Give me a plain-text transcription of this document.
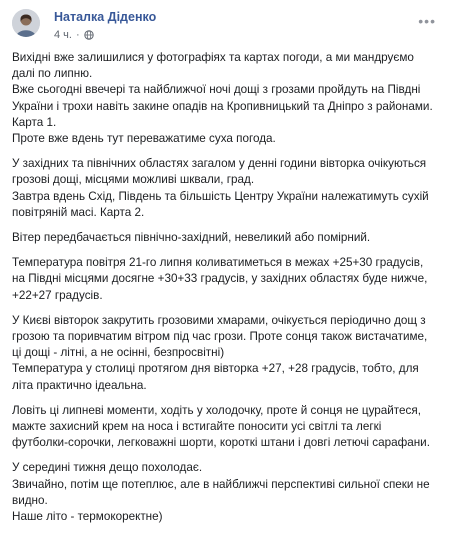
Наталка Діденко
4 ч. ·
•••

Вихідні вже залишилися у фотографіях та картах погоди, а ми мандруємо далі по липню.
Вже сьогодні ввечері та найближчої ночі дощі з грозами пройдуть на Півдні України і трохи навіть закине опадів на Кропивницький та Дніпро з районами. Карта 1.
Проте вже вдень тут переважатиме суха погода.

У західних та північних областях загалом у денні години вівторка очікуються грозові дощі, місцями можливі шквали, град.
Завтра вдень Схід, Південь та більшість Центру України належатимуть сухій повітряній масі. Карта 2.

Вітер передбачається північно-західний, невеликий або помірний.

Температура повітря 21-го липня коливатиметься в межах +25+30 градусів, на Півдні місцями досягне +30+33 градусів, у західних областях буде нижче, +22+27 градусів.

У Києві вівторок закрутить грозовими хмарами, очікується періодично дощ з грозою та поривчатим вітром під час грози. Проте сонця також вистачатиме, ці дощі - літні, а не осінні, безпросвітні)
Температура у столиці протягом дня вівторка +27, +28 градусів, тобто, для літа практично ідеальна.

Ловіть ці липневі моменти, ходіть у холодочку, проте й сонця не цурайтеся, мажте захисний крем на носа і встигайте поносити усі світлі та легкі футболки-сорочки, легковажні шорти, короткі штани і довгі летючі сарафани.

У середині тижня дещо похолодає.
Звичайно, потім ще потеплює, але в найближчі перспективі сильної спеки не видно.
Наше літо - термокоректне)
